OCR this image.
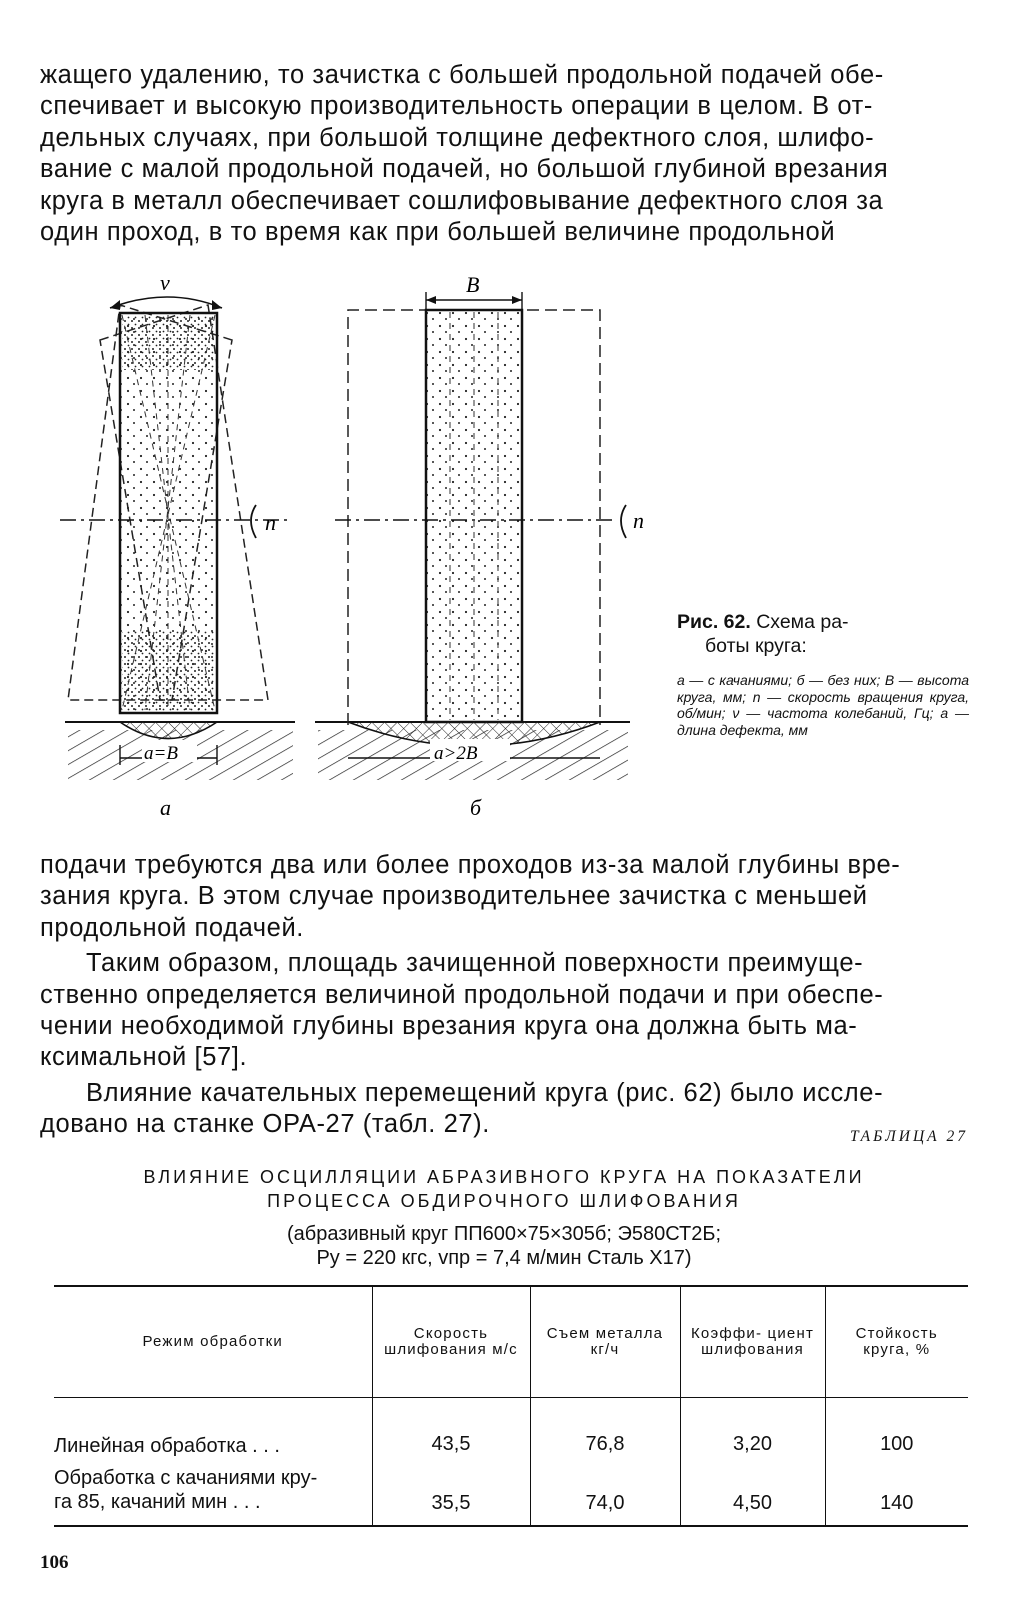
жащего удалению, то зачистка с большей продольной подачей обе-
спечивает и высокую производительность операции в целом. В от-
дельных случаях, при большой толщине дефектного слоя, шлифо-
вание с малой продольной подачей, но большой глубиной врезания
круга в металл обеспечивает сошлифовывание дефектного слоя за
один проход, в то время как при большей величине продольной

n
v
a=B
а
n
B
a>2B
б
Рис. 62. Схема ра-
боты круга:
а — с качаниями; б — без них; B — высота круга, мм; n — скорость вращения круга, об/мин; ν — частота колебаний, Гц; а — длина дефекта, мм

подачи требуются два или более проходов из-за малой глубины вре-
зания круга. В этом случае производительнее зачистка с меньшей
продольной подачей.

Таким образом, площадь зачищенной поверхности преимуще-
ственно определяется величиной продольной подачи и при обеспе-
чении необходимой глубины врезания круга она должна быть ма-
ксимальной [57].

Влияние качательных перемещений круга (рис. 62) было иссле-
довано на станке ОРА-27 (табл. 27).	ТАБЛИЦА 27
ВЛИЯНИЕ ОСЦИЛЛЯЦИИ АБРАЗИВНОГО КРУГА НА ПОКАЗАТЕЛИ
ПРОЦЕССА ОБДИРОЧНОГО ШЛИФОВАНИЯ
(абразивный круг ПП600×75×305б; Э580СТ2Б;
Pу = 220 кгс, vпр = 7,4 м/мин Сталь Х17)
Режим обработки	Скорость шлифования м/с	Съем металла кг/ч	Коэффи- циент шлифования	Стойкость круга, %

Линейная обработка . . .	43,5	76,8	3,20	100

Обработка с качаниями кру-
га 85, качаний мин . . .	35,5	74,0	4,50	140
106
